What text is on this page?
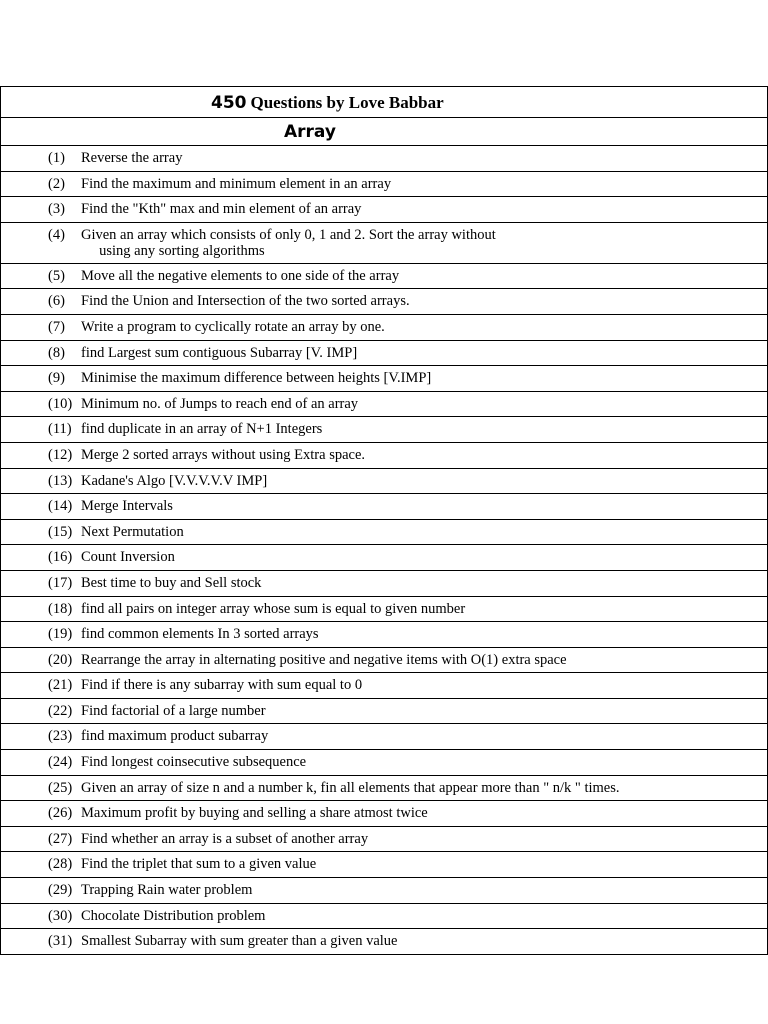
450 Questions by Love Babbar
Array
(1) Reverse the array
(2) Find the maximum and minimum element in an array
(3) Find the "Kth" max and min element of an array
(4) Given an array which consists of only 0, 1 and 2. Sort the array without
using any sorting algorithms
(5) Move all the negative elements to one side of the array
(6) Find the Union and Intersection of the two sorted arrays.
(7) Write a program to cyclically rotate an array by one.
(8) find Largest sum contiguous Subarray [V. IMP]
(9) Minimise the maximum difference between heights [V.IMP]
(10) Minimum no. of Jumps to reach end of an array
(11) find duplicate in an array of N+1 Integers
(12) Merge 2 sorted arrays without using Extra space.
(13) Kadane's Algo [V.V.V.V.V IMP]
(14) Merge Intervals
(15) Next Permutation
(16) Count Inversion
(17) Best time to buy and Sell stock
(18) find all pairs on integer array whose sum is equal to given number
(19) find common elements In 3 sorted arrays
(20) Rearrange the array in alternating positive and negative items with O(1) extra space
(21) Find if there is any subarray with sum equal to 0
(22) Find factorial of a large number
(23) find maximum product subarray
(24) Find longest coinsecutive subsequence
(25) Given an array of size n and a number k, fin all elements that appear more than " n/k " times.
(26) Maximum profit by buying and selling a share atmost twice
(27) Find whether an array is a subset of another array
(28) Find the triplet that sum to a given value
(29) Trapping Rain water problem
(30) Chocolate Distribution problem
(31) Smallest Subarray with sum greater than a given value
